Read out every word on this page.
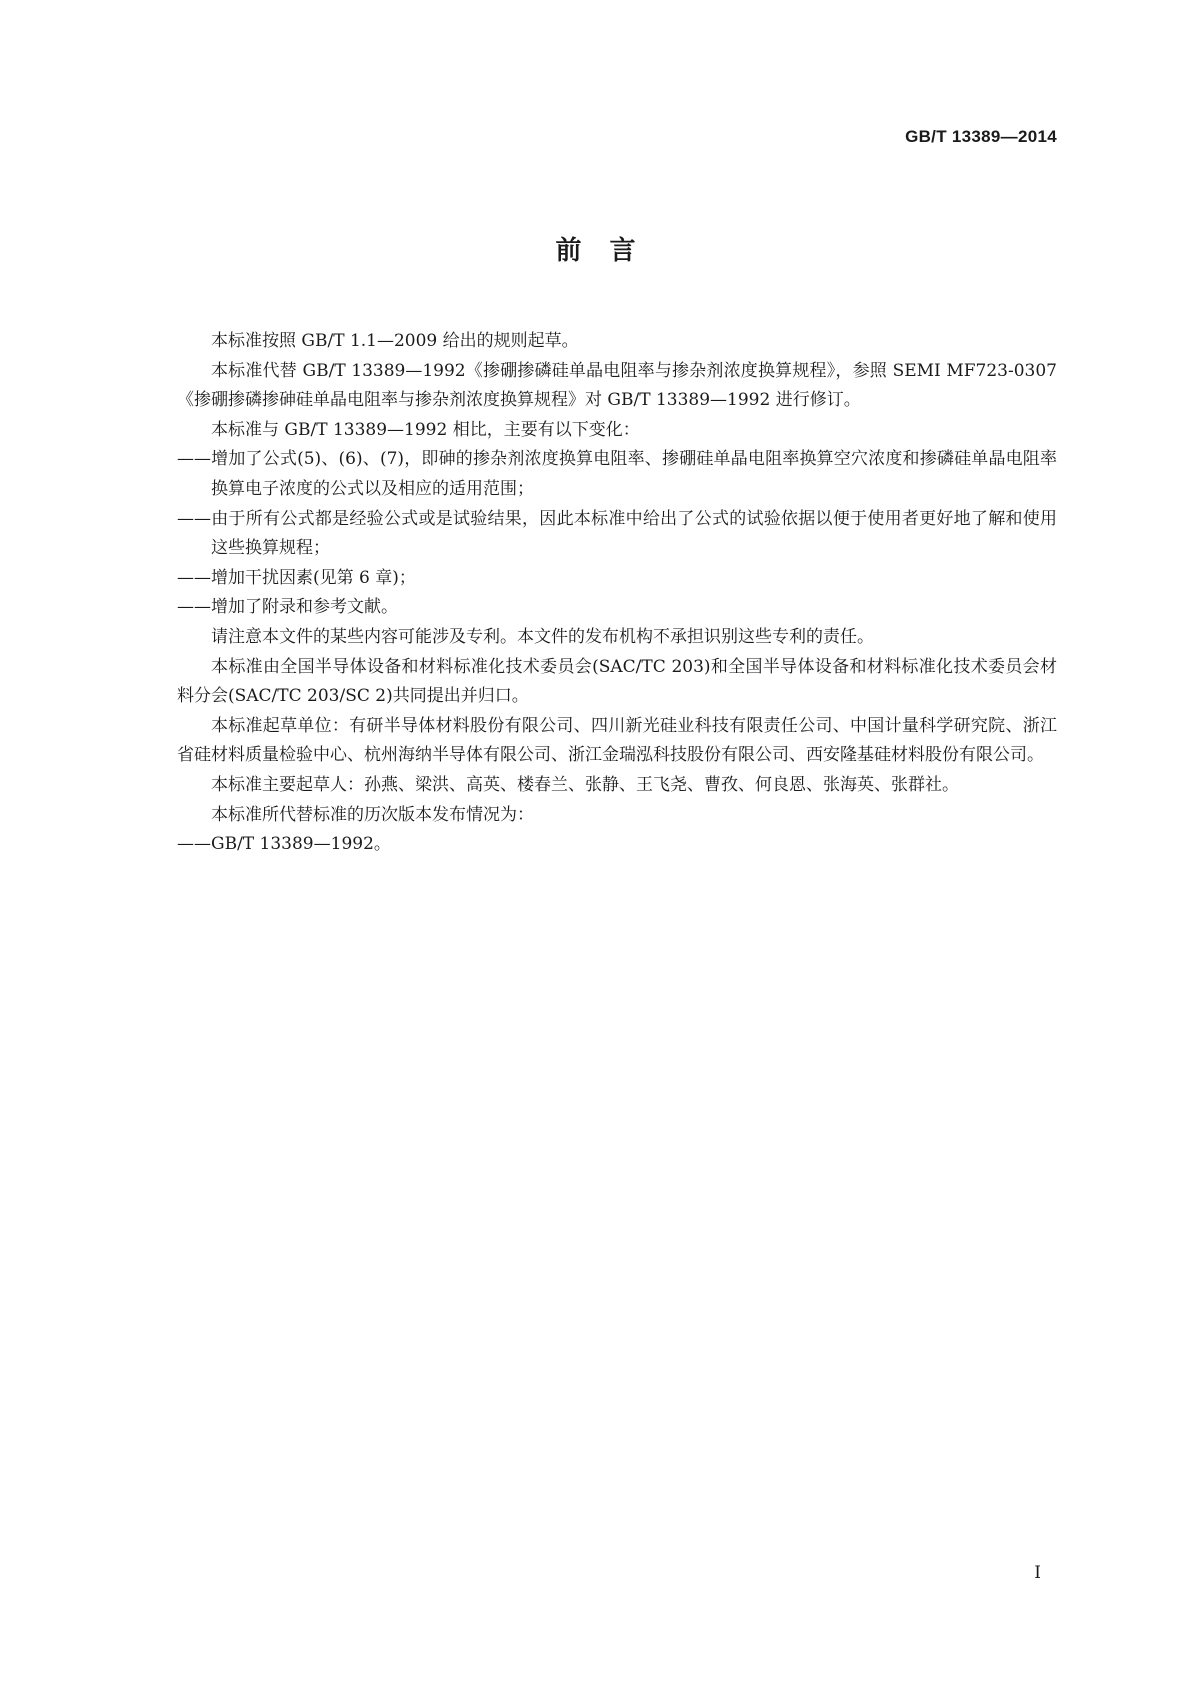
GB/T 13389—2014
前言

本标准按照 GB/T 1.1—2009 给出的规则起草。

本标准代替 GB/T 13389—1992《掺硼掺磷硅单晶电阻率与掺杂剂浓度换算规程》，参照 SEMI MF723-0307《掺硼掺磷掺砷硅单晶电阻率与掺杂剂浓度换算规程》对 GB/T 13389—1992 进行修订。

本标准与 GB/T 13389—1992 相比，主要有以下变化：

——增加了公式(5)、(6)、(7)，即砷的掺杂剂浓度换算电阻率、掺硼硅单晶电阻率换算空穴浓度和掺磷硅单晶电阻率换算电子浓度的公式以及相应的适用范围；

——由于所有公式都是经验公式或是试验结果，因此本标准中给出了公式的试验依据以便于使用者更好地了解和使用这些换算规程；

——增加干扰因素(见第 6 章)；

——增加了附录和参考文献。

请注意本文件的某些内容可能涉及专利。本文件的发布机构不承担识别这些专利的责任。

本标准由全国半导体设备和材料标准化技术委员会(SAC/TC 203)和全国半导体设备和材料标准化技术委员会材料分会(SAC/TC 203/SC 2)共同提出并归口。

本标准起草单位：有研半导体材料股份有限公司、四川新光硅业科技有限责任公司、中国计量科学研究院、浙江省硅材料质量检验中心、杭州海纳半导体有限公司、浙江金瑞泓科技股份有限公司、西安隆基硅材料股份有限公司。

本标准主要起草人：孙燕、梁洪、高英、楼春兰、张静、王飞尧、曹孜、何良恩、张海英、张群社。

本标准所代替标准的历次版本发布情况为：

——GB/T 13389—1992。

I
